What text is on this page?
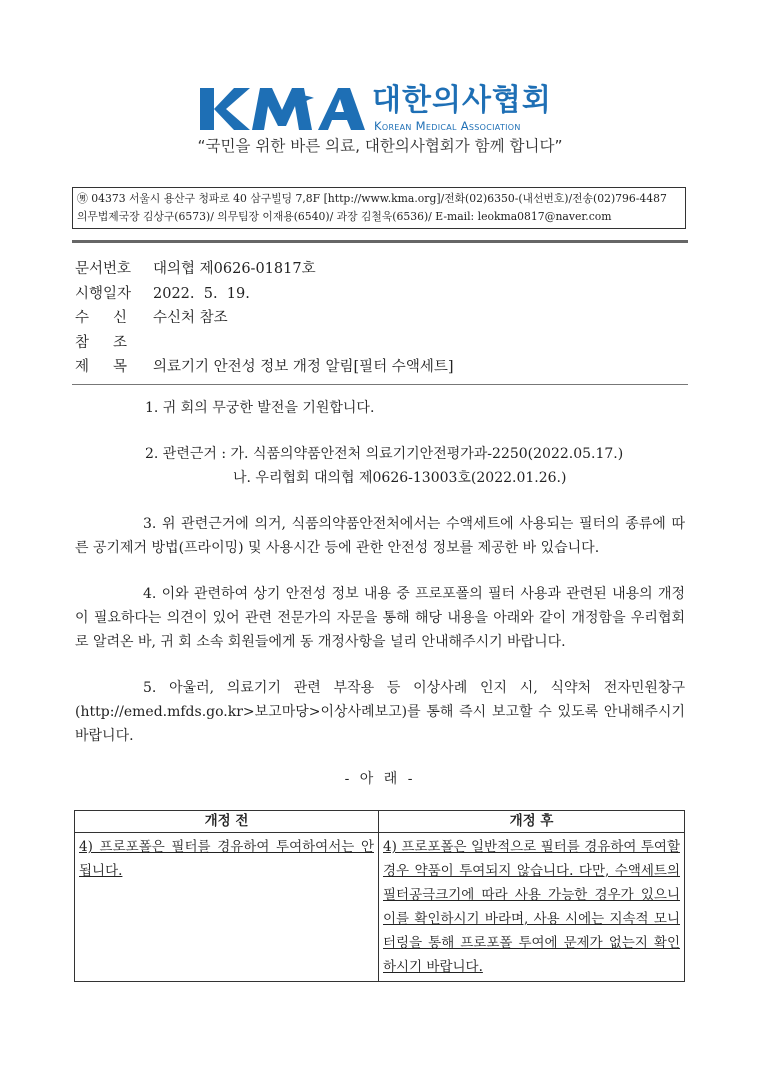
대한의사협회
Korean Medical Association
“국민을 위한 바른 의료, 대한의사협회가 함께 합니다”
㊚ 04373 서울시 용산구 청파로 40 삼구빌딩 7,8F [http://www.kma.org]/전화(02)6350-(내선번호)/전송(02)796-4487
의무법제국장 김상구(6573)/ 의무팀장 이재용(6540)/ 과장 김철욱(6536)/ E-mail: leokma0817@naver.com
문서번호 대의협 제0626-01817호
시행일자 2022.  5.  19.
수 신 수신처 참조
참 조
제 목 의료기기 안전성 정보 개정 알림[필터 수액세트]
1. 귀 회의 무궁한 발전을 기원합니다.
2. 관련근거 : 가. 식품의약품안전처 의료기기안전평가과-2250(2022.05.17.)
나. 우리협회 대의협 제0626-13003호(2022.01.26.)
3. 위 관련근거에 의거, 식품의약품안전처에서는 수액세트에 사용되는 필터의 종류에 따른 공기제거 방법(프라이밍) 및 사용시간 등에 관한 안전성 정보를 제공한 바 있습니다.
4. 이와 관련하여 상기 안전성 정보 내용 중 프로포폴의 필터 사용과 관련된 내용의 개정이 필요하다는 의견이 있어 관련 전문가의 자문을 통해 해당 내용을 아래와 같이 개정함을 우리협회로 알려온 바, 귀 회 소속 회원들에게 동 개정사항을 널리 안내해주시기 바랍니다.
5. 아울러, 의료기기 관련 부작용 등 이상사례 인지 시, 식약처 전자민원창구(http://emed.mfds.go.kr>보고마당>이상사례보고)를 통해 즉시 보고할 수 있도록 안내해주시기 바랍니다.
- 아 래 -
개정 전	개정 후
4) 프로포폴은 필터를 경유하여 투여하여서는 안 됩니다.	4) 프로포폴은 일반적으로 필터를 경유하여 투여할 경우 약품이 투여되지 않습니다. 다만, 수액세트의 필터공극크기에 따라 사용 가능한 경우가 있으니 이를 확인하시기 바라며, 사용 시에는 지속적 모니터링을 통해 프로포폴 투여에 문제가 없는지 확인하시기 바랍니다.
